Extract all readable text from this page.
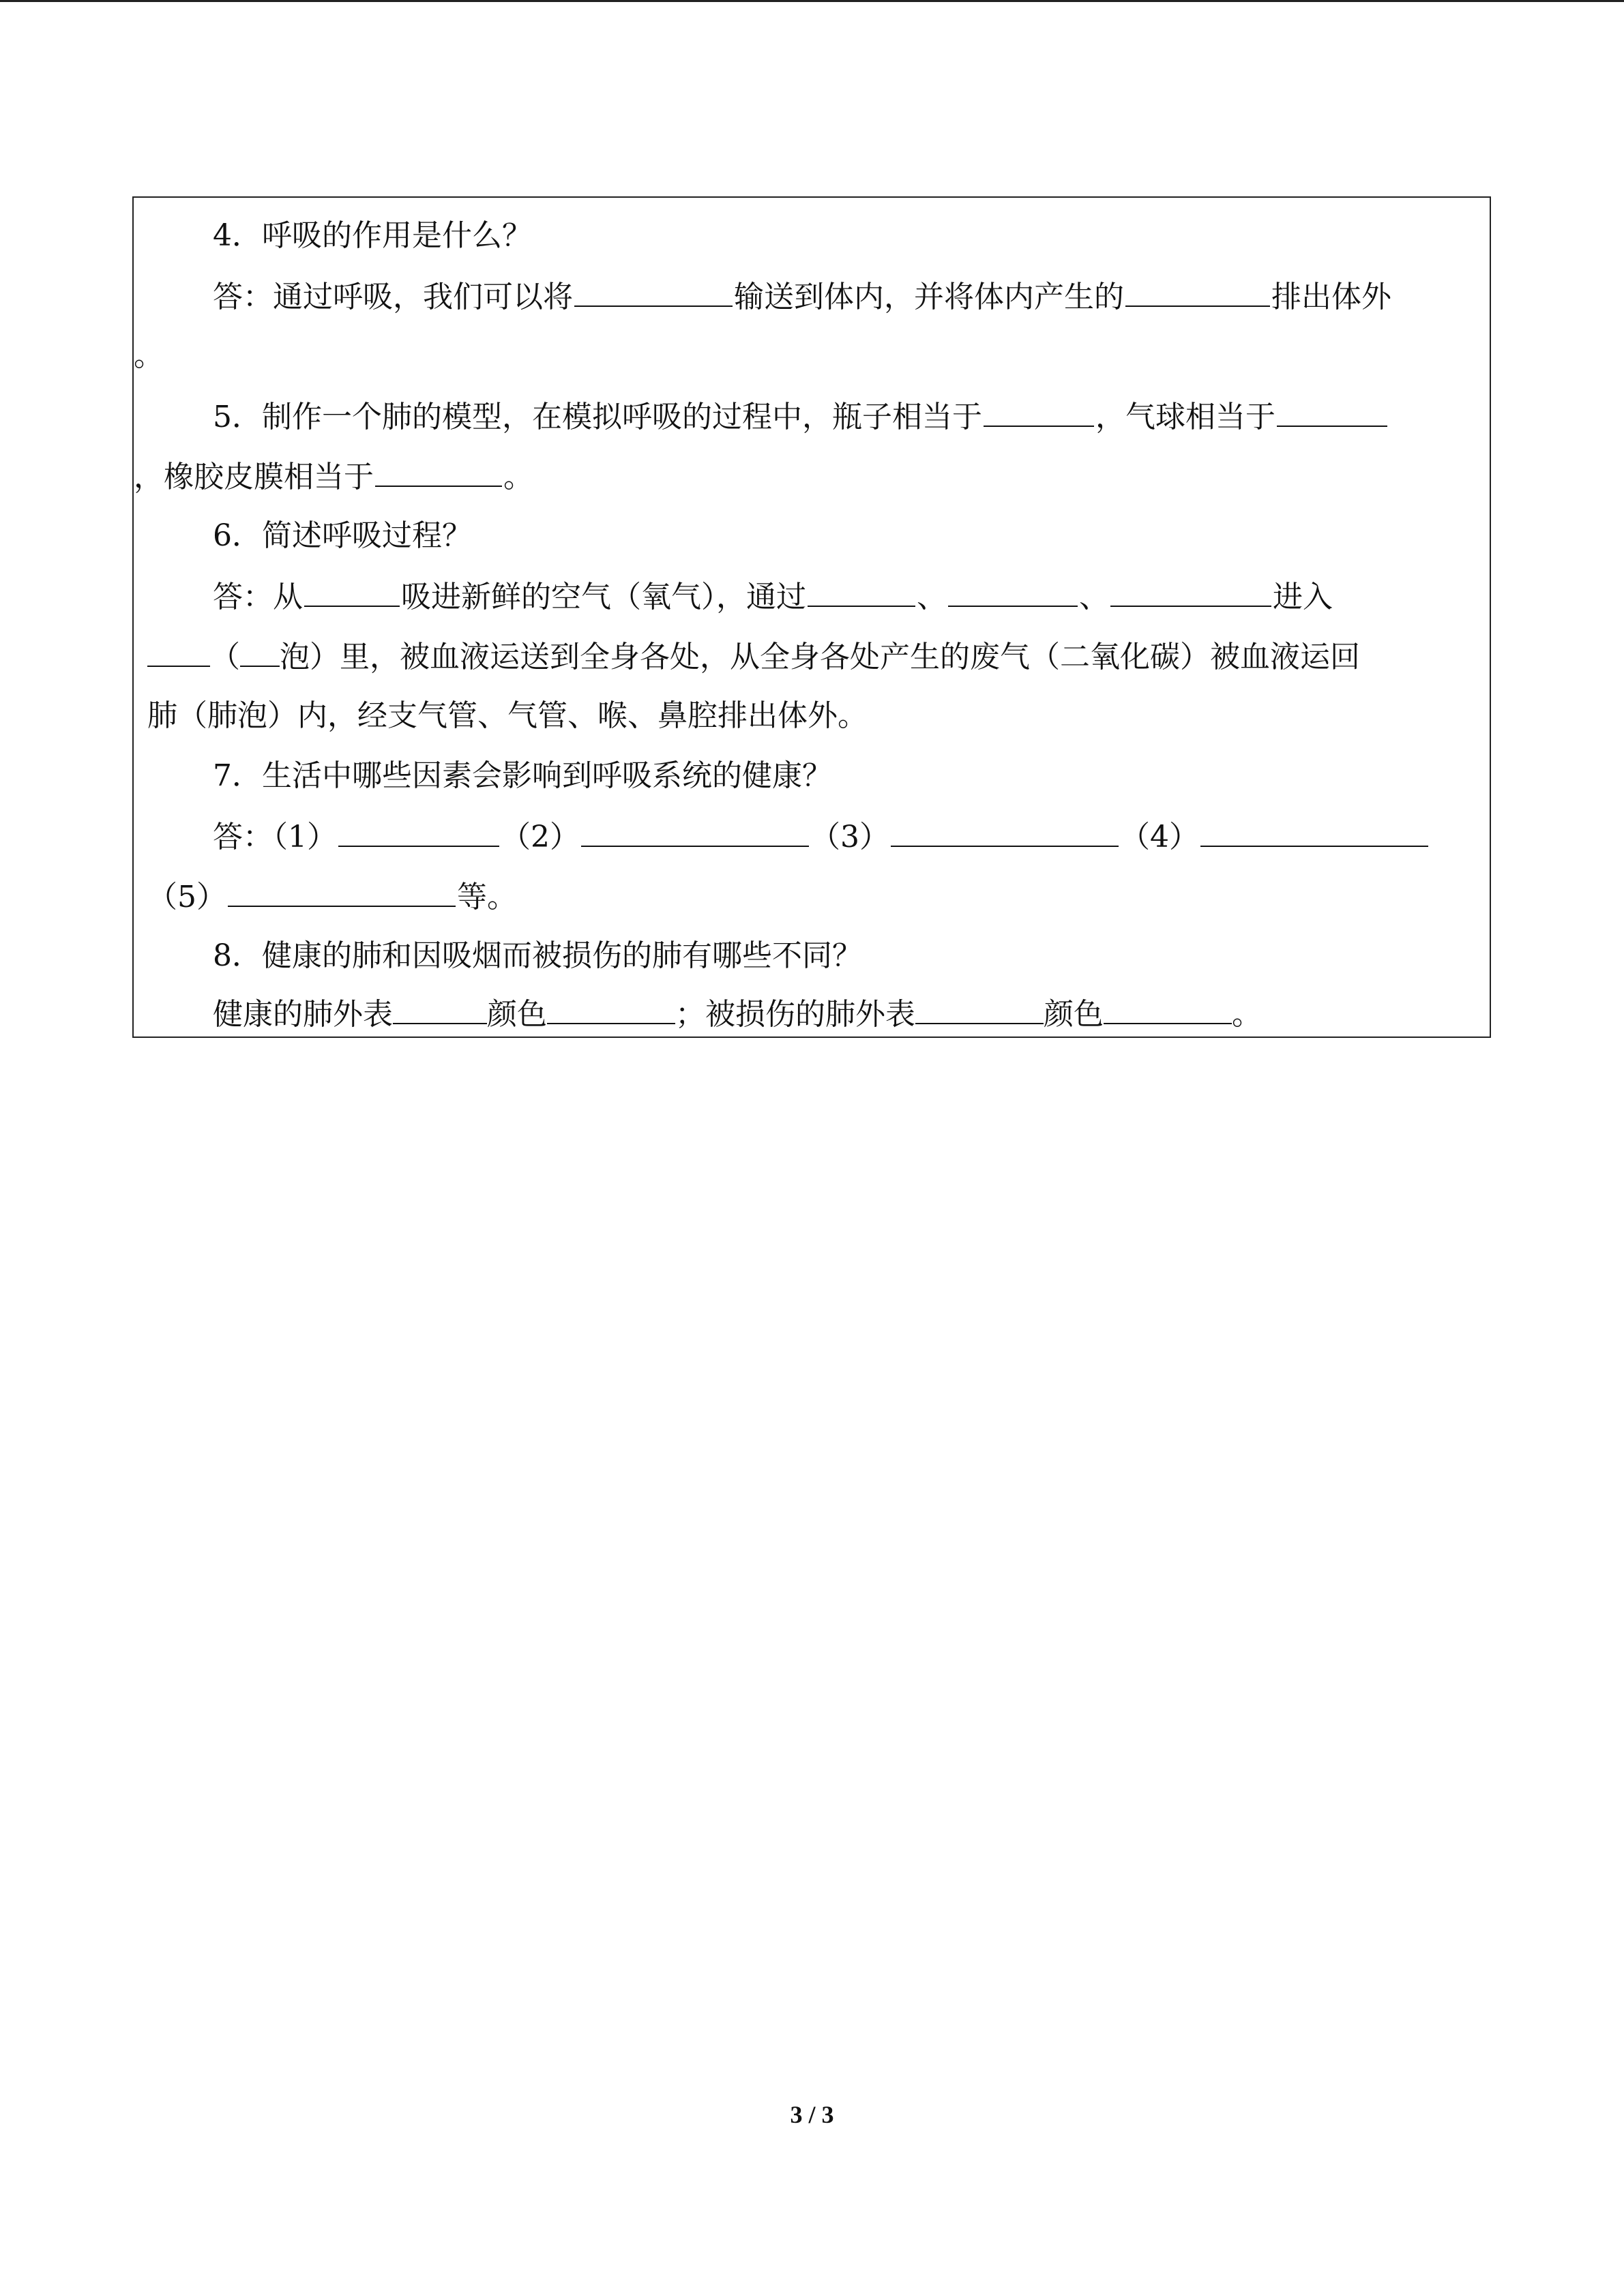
4．呼吸的作用是什么？
答：通过呼吸，我们可以将	输送到体内，并将体内产生的	排出体外
。
5．制作一个肺的模型，在模拟呼吸的过程中，瓶子相当于	，气球相当于
，橡胶皮膜相当于	。
6．简述呼吸过程？
答：从	吸进新鲜的空气（氧气），通过	、	、	进入
（ 泡）里，被血液运送到全身各处，从全身各处产生的废气（二氧化碳）被血液运回
肺（肺泡）内，经支气管、气管、喉、鼻腔排出体外。
7．生活中哪些因素会影响到呼吸系统的健康？
答：（1）	（2）	（3）	（4）
（5）	等。
8．健康的肺和因吸烟而被损伤的肺有哪些不同？
健康的肺外表	颜色	；被损伤的肺外表	颜色	。
3 / 3
